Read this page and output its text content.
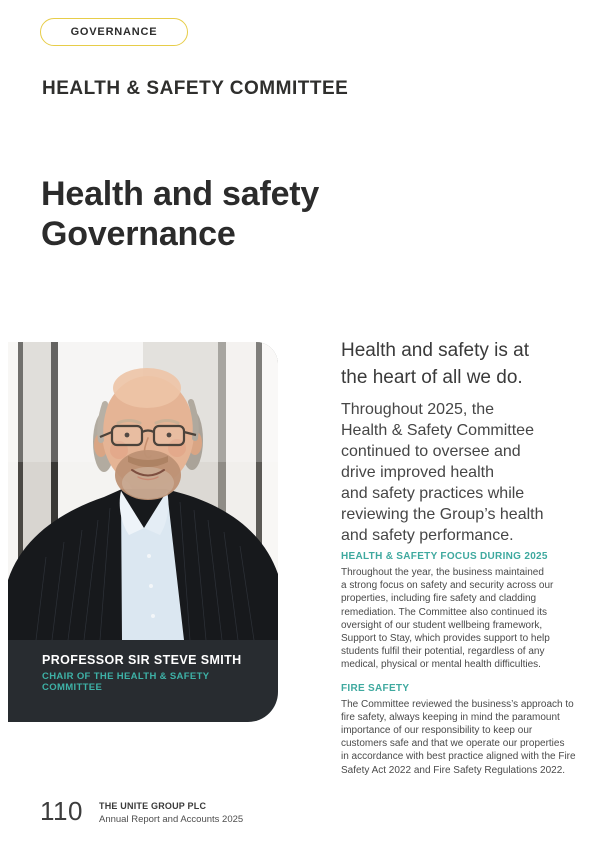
GOVERNANCE
HEALTH & SAFETY COMMITTEE
Health and safety
Governance
PROFESSOR SIR STEVE SMITH
CHAIR OF THE HEALTH & SAFETY COMMITTEE
Health and safety is at
the heart of all we do.
Throughout 2025, the
Health & Safety Committee
continued to oversee and
drive improved health
and safety practices while
reviewing the Group’s health
and safety performance.

HEALTH & SAFETY FOCUS DURING 2025

Throughout the year, the business maintained
a strong focus on safety and security across our
properties, including fire safety and cladding
remediation. The Committee also continued its
oversight of our student wellbeing framework,
Support to Stay, which provides support to help
students fulfil their potential, regardless of any
medical, physical or mental health difficulties.

FIRE SAFETY

The Committee reviewed the business’s approach to
fire safety, always keeping in mind the paramount
importance of our responsibility to keep our
customers safe and that we operate our properties
in accordance with best practice aligned with the Fire
Safety Act 2022 and Fire Safety Regulations 2022.

110 THE UNITE GROUP PLC
Annual Report and Accounts 2025
